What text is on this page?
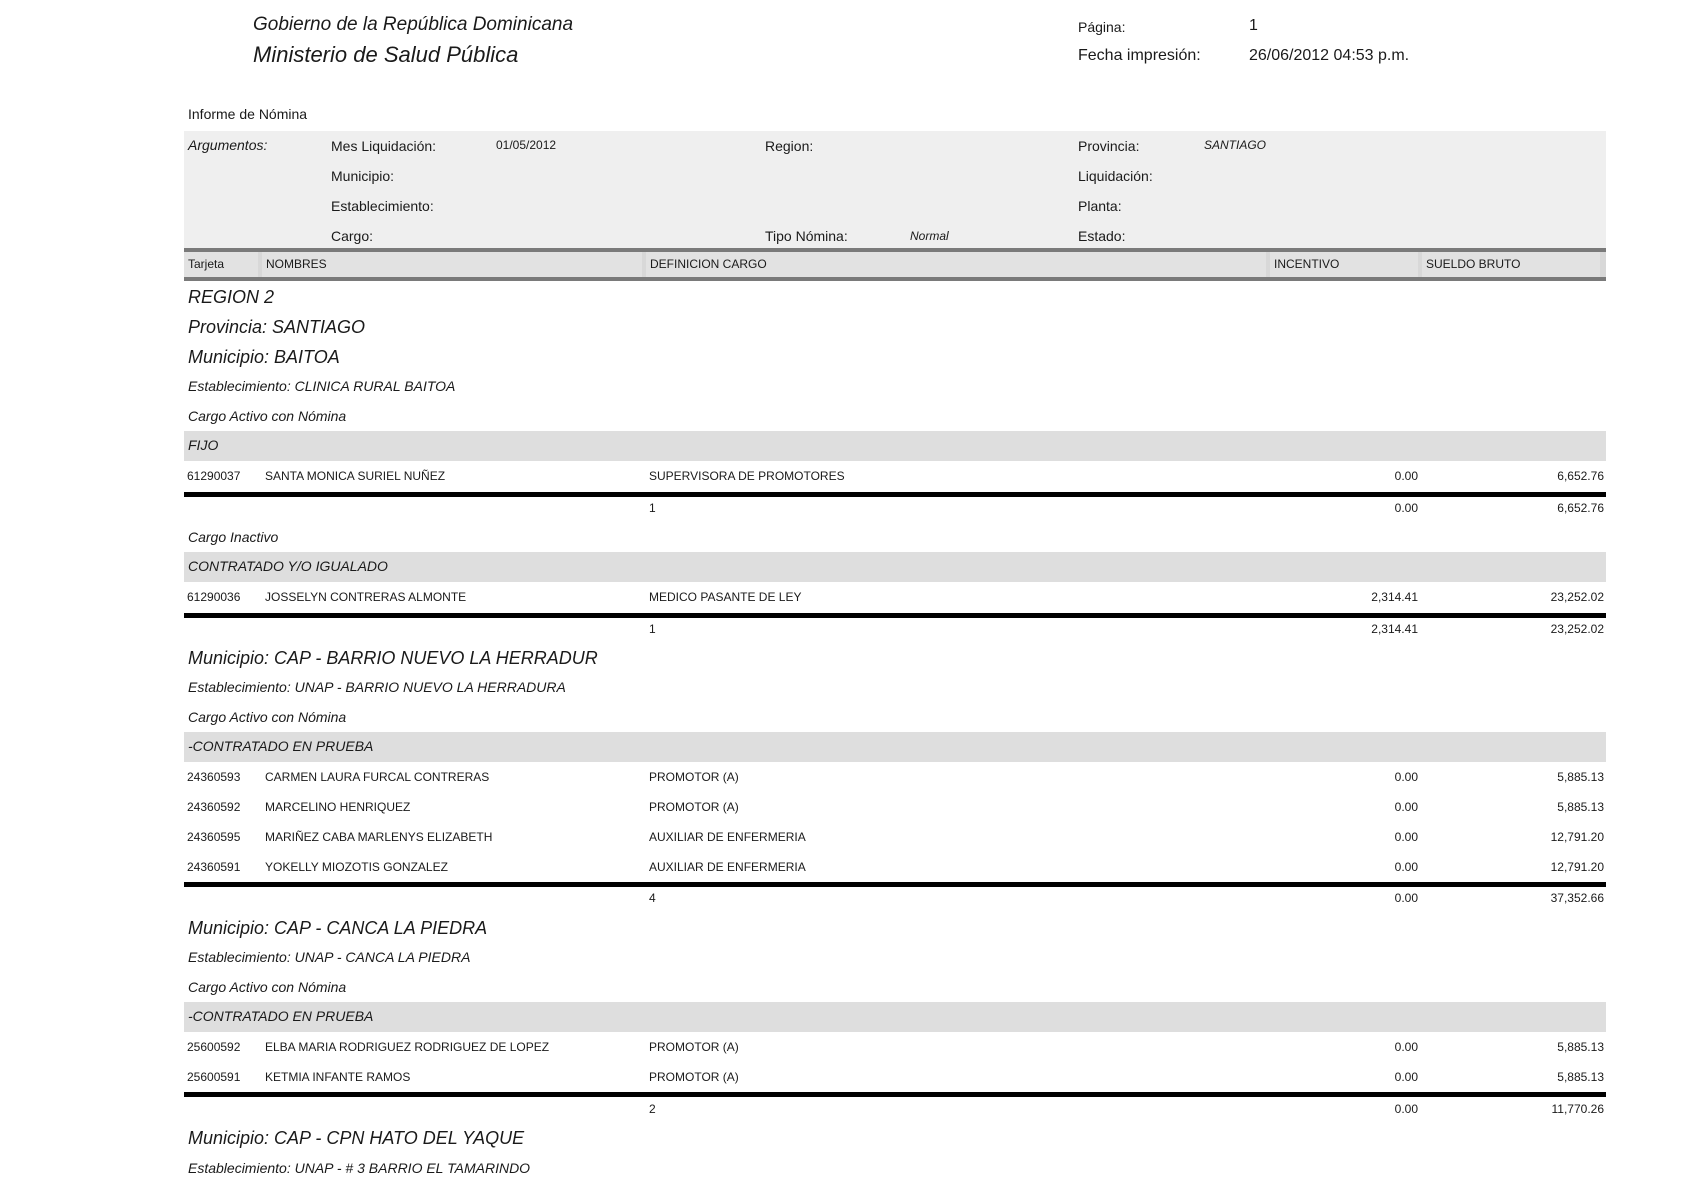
Gobierno de la República Dominicana
Ministerio de Salud Pública
Página:	1
Fecha impresión:	26/06/2012 04:53 p.m.
Informe de Nómina
Argumentos:	Mes Liquidación:	01/05/2012	Region:	Provincia:	SANTIAGO
Municipio:	Liquidación:
Establecimiento:	Planta:
Cargo:	Tipo Nómina:	Normal	Estado:
Tarjeta	NOMBRES	DEFINICION CARGO	INCENTIVO	SUELDO BRUTO
REGION 2
Provincia: SANTIAGO
Municipio: BAITOA
Establecimiento: CLINICA RURAL BAITOA
Cargo Activo con Nómina
FIJO
61290037 SANTA MONICA SURIEL NUÑEZ	SUPERVISORA DE PROMOTORES	0.00	6,652.76
1	0.00	6,652.76
Cargo Inactivo
CONTRATADO Y/O IGUALADO
61290036 JOSSELYN CONTRERAS ALMONTE	MEDICO PASANTE DE LEY	2,314.41	23,252.02
1	2,314.41	23,252.02
Municipio: CAP - BARRIO NUEVO LA HERRADUR
Establecimiento: UNAP - BARRIO NUEVO LA HERRADURA
Cargo Activo con Nómina
-CONTRATADO EN PRUEBA
24360593 CARMEN LAURA FURCAL CONTRERAS	PROMOTOR (A)	0.00	5,885.13
24360592 MARCELINO HENRIQUEZ	PROMOTOR (A)	0.00	5,885.13
24360595 MARIÑEZ CABA MARLENYS ELIZABETH	AUXILIAR DE ENFERMERIA	0.00	12,791.20
24360591 YOKELLY MIOZOTIS GONZALEZ	AUXILIAR DE ENFERMERIA	0.00	12,791.20
4	0.00	37,352.66
Municipio: CAP - CANCA LA PIEDRA
Establecimiento: UNAP - CANCA LA PIEDRA
Cargo Activo con Nómina
-CONTRATADO EN PRUEBA
25600592 ELBA MARIA RODRIGUEZ RODRIGUEZ DE LOPEZ	PROMOTOR (A)	0.00	5,885.13
25600591 KETMIA INFANTE RAMOS	PROMOTOR (A)	0.00	5,885.13
2	0.00	11,770.26
Municipio: CAP - CPN HATO DEL YAQUE
Establecimiento: UNAP - # 3 BARRIO EL TAMARINDO
